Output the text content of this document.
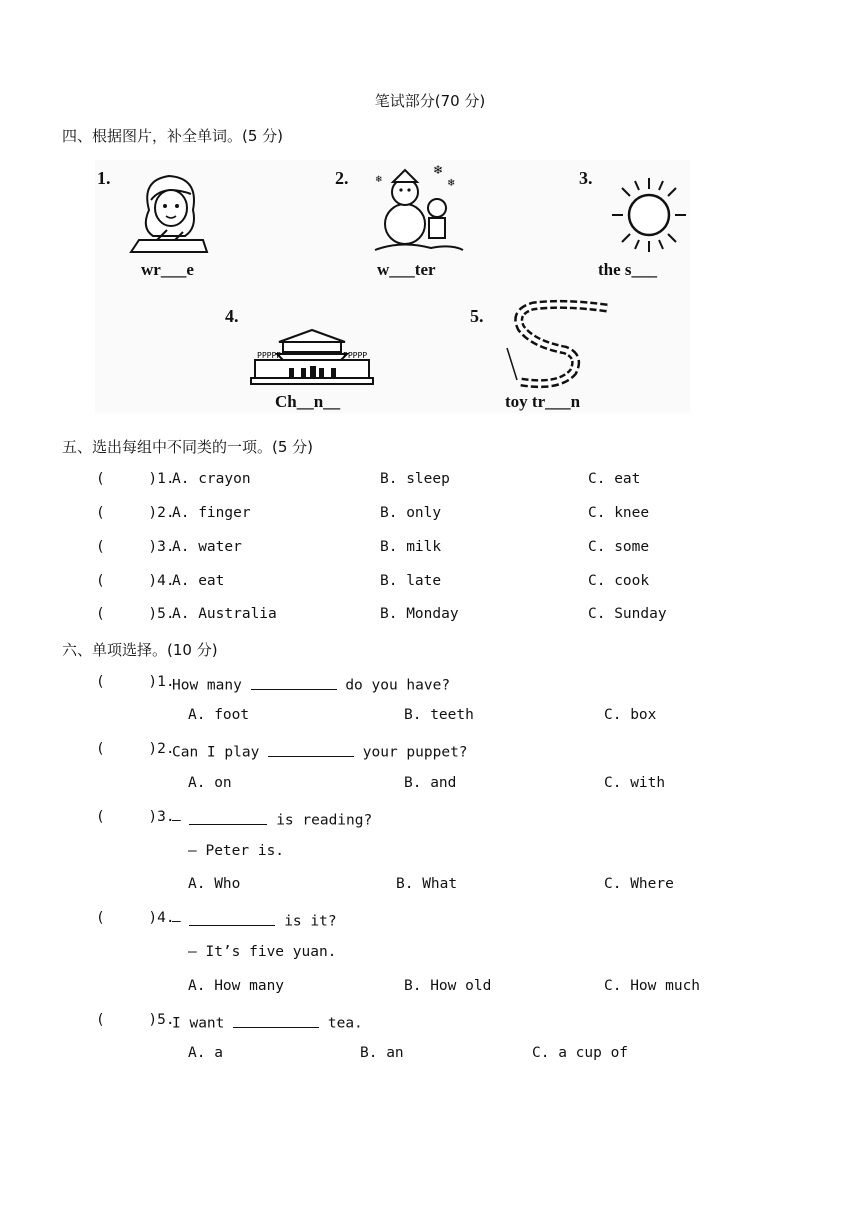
笔试部分(70 分)
四、根据图片，补全单词。(5 分)
1.
wr___e
2.	❄
❄
❄
w___ter
3.
the s___
4.
PPPPP	PPPPP
Ch__n__
5.
toy tr___n
五、选出每组中不同类的一项。(5 分)
(     )1.
A. crayon	B. sleep	C. eat
(     )2.
A. finger	B. only	C. knee
(     )3.
A. water	B. milk	C. some
(     )4.
A. eat	B. late	C. cook
(     )5.
A. Australia	B. Monday	C. Sunday
六、单项选择。(10 分)
(     )1.
How many	do you have?
A. foot	B. teeth	C. box
(     )2.
Can I play	your puppet?
A. on	B. and	C. with
(     )3.
—	is reading?
— Peter is.
A. Who	B. What	C. Where
(     )4.
—	is it?
— It’s five yuan.
A. How many	B. How old	C. How much
(     )5.
I want	tea.
A. a	B. an	C. a cup of
